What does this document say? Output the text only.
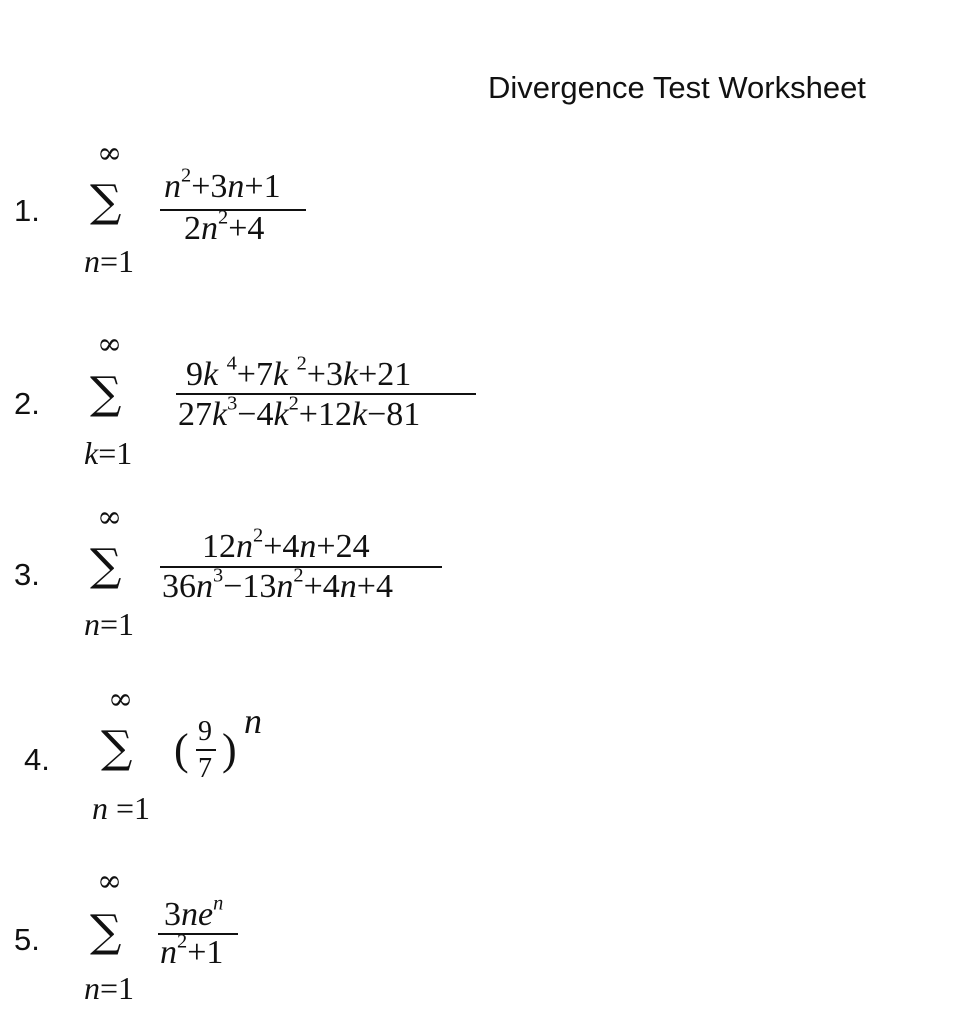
Divergence Test Worksheet
1.
∞
∑
n=1
$n^2+3n+1$
$2n^2+4$
2.
∞
∑
k=1
9k $^4$+7k $^2$+3k+21
$27k^3-4k^2+12k-81$
3.
∞
∑
n=1
$12n^2+4n+24$
$36n^3-13n^2+4n+4$
4.
∞
∑
n =1
( 9
7 )
n
5.
∞
∑
n=1
$3ne^n$
$n^2+1$
